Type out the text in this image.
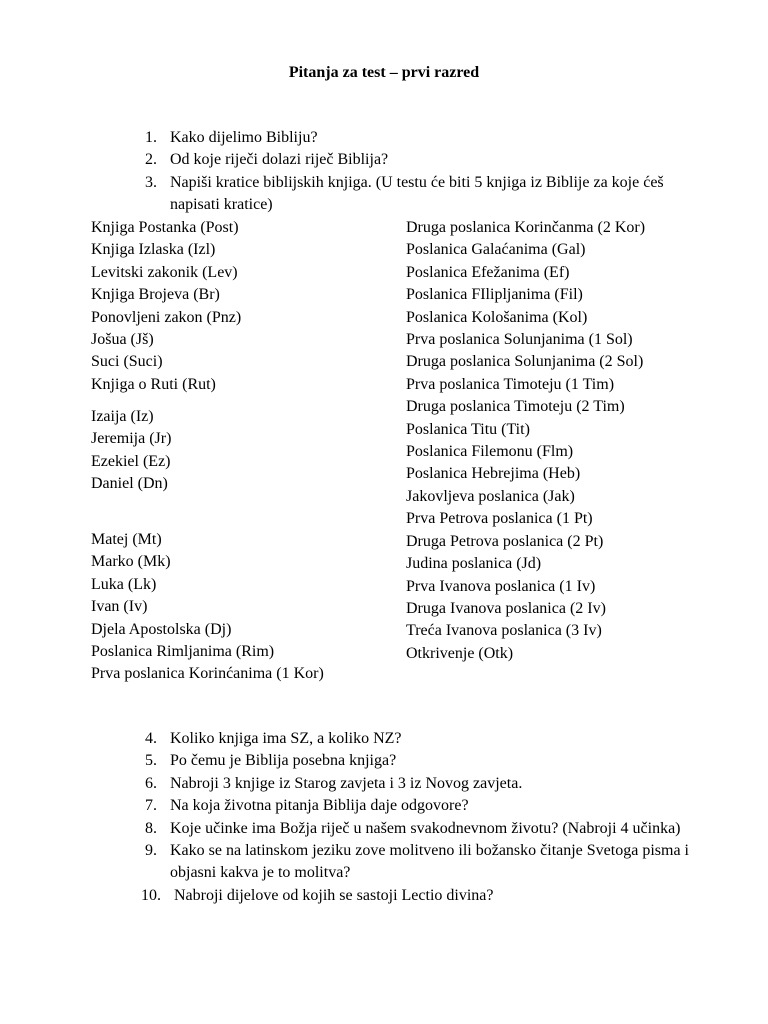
Pitanja za test – prvi razred
1. Kako dijelimo Bibliju?
2. Od koje riječi dolazi riječ Biblija?
3. Napiši kratice biblijskih knjiga. (U testu će biti 5 knjiga iz Biblije za koje ćeš napisati kratice)
Knjiga Postanka (Post)
Knjiga Izlaska (Izl)
Levitski zakonik (Lev)
Knjiga Brojeva (Br)
Ponovljeni zakon (Pnz)
Jošua (Jš)
Suci (Suci)
Knjiga o Ruti (Rut)
Izaija (Iz)
Jeremija (Jr)
Ezekiel (Ez)
Daniel (Dn)
Matej (Mt)
Marko (Mk)
Luka (Lk)
Ivan (Iv)
Djela Apostolska (Dj)
Poslanica Rimljanima (Rim)
Prva poslanica Korinćanima (1 Kor)
Druga poslanica Korinčanma (2 Kor)
Poslanica Galaćanima (Gal)
Poslanica Efežanima (Ef)
Poslanica FIlipljanima (Fil)
Poslanica Kološanima (Kol)
Prva poslanica Solunjanima (1 Sol)
Druga poslanica Solunjanima (2 Sol)
Prva poslanica Timoteju (1 Tim)
Druga poslanica Timoteju (2 Tim)
Poslanica Titu (Tit)
Poslanica Filemonu (Flm)
Poslanica Hebrejima (Heb)
Jakovljeva poslanica (Jak)
Prva Petrova poslanica (1 Pt)
Druga Petrova poslanica (2 Pt)
Judina poslanica (Jd)
Prva Ivanova poslanica (1 Iv)
Druga Ivanova poslanica (2 Iv)
Treća Ivanova poslanica (3 Iv)
Otkrivenje (Otk)
4. Koliko knjiga ima SZ, a koliko NZ?
5. Po čemu je Biblija posebna knjiga?
6. Nabroji 3 knjige iz Starog zavjeta i 3 iz Novog zavjeta.
7. Na koja životna pitanja Biblija daje odgovore?
8. Koje učinke ima Božja riječ u našem svakodnevnom životu? (Nabroji 4 učinka)
9. Kako se na latinskom jeziku zove molitveno ili božansko čitanje Svetoga pisma i objasni kakva je to molitva?
10. Nabroji dijelove od kojih se sastoji Lectio divina?
